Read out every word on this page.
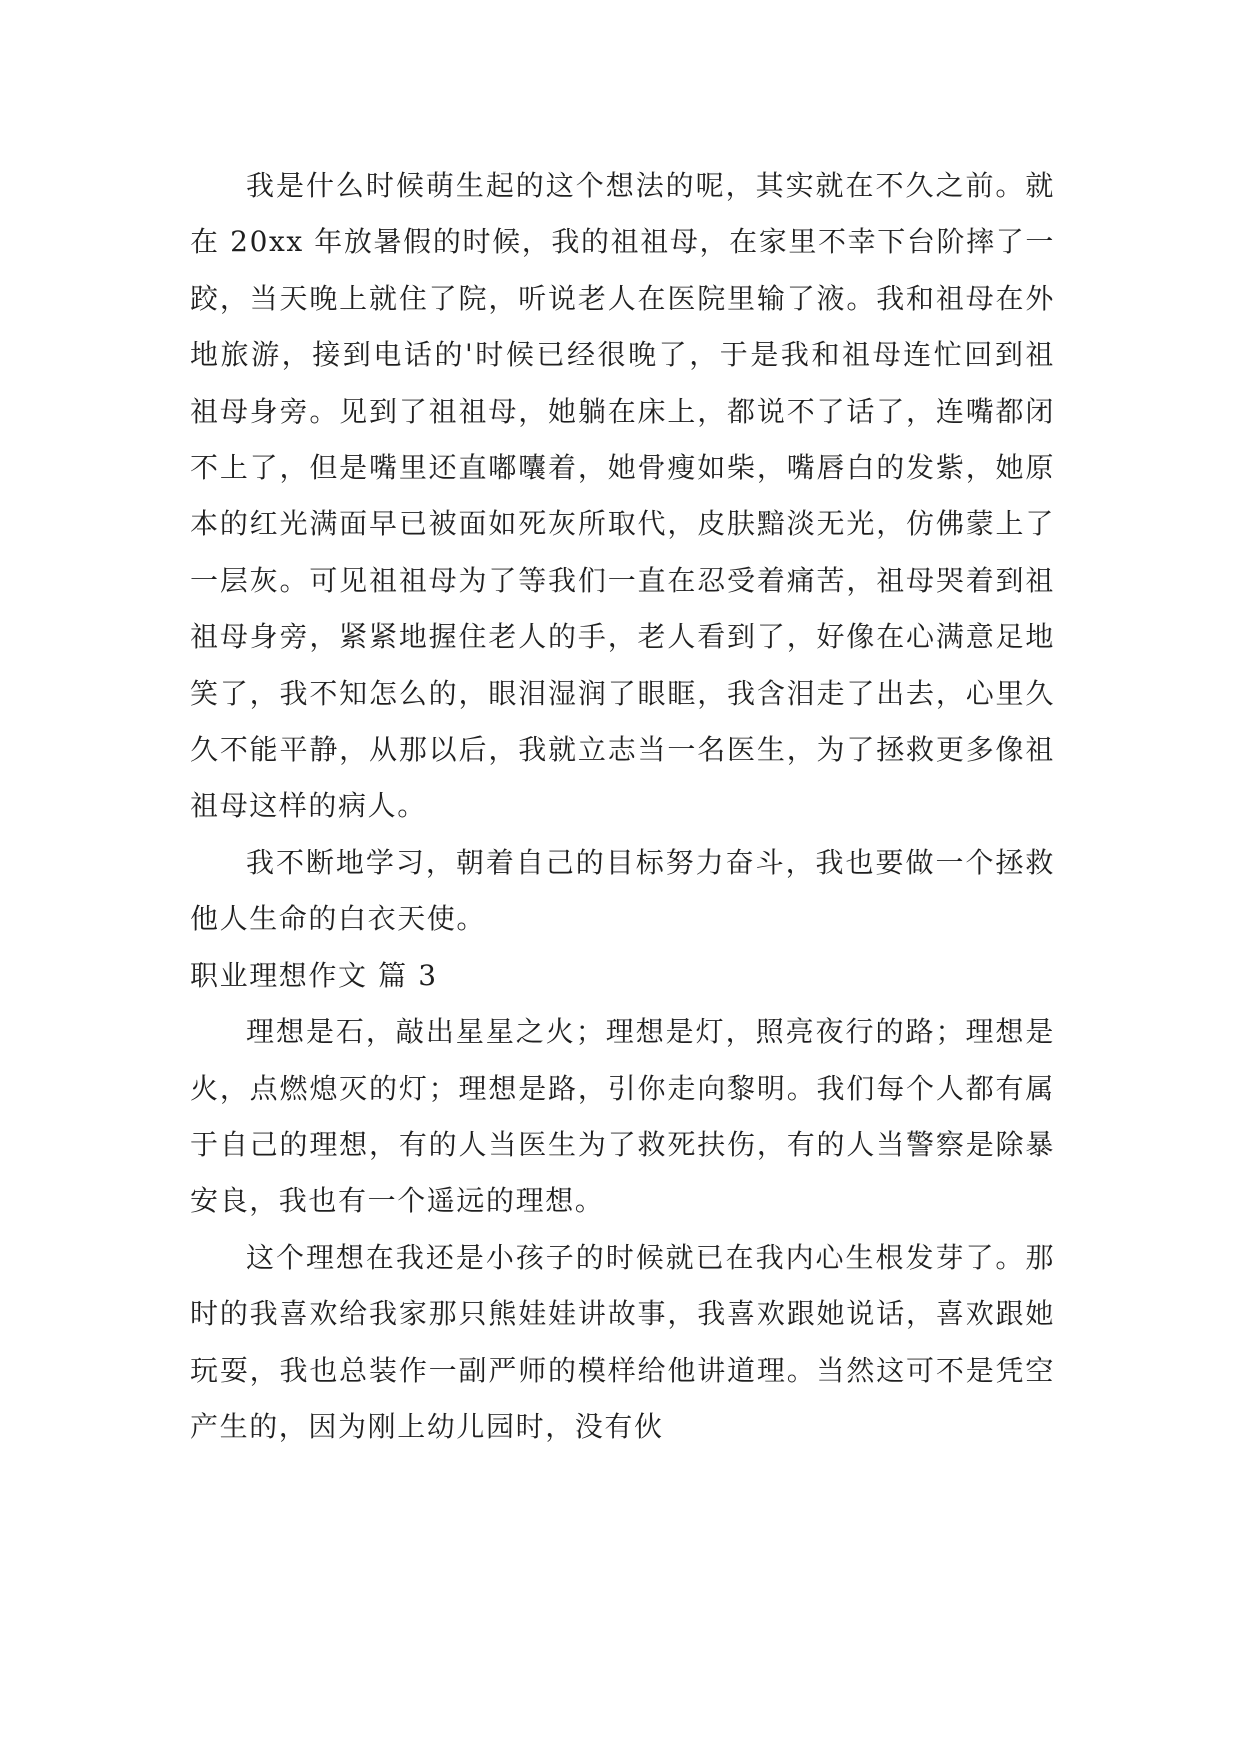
我是什么时候萌生起的这个想法的呢，其实就在不久之前。就在 20xx 年放暑假的时候，我的祖祖母，在家里不幸下台阶摔了一跤，当天晚上就住了院，听说老人在医院里输了液。我和祖母在外地旅游，接到电话的'时候已经很晚了，于是我和祖母连忙回到祖祖母身旁。见到了祖祖母，她躺在床上，都说不了话了，连嘴都闭不上了，但是嘴里还直嘟囔着，她骨瘦如柴，嘴唇白的发紫，她原本的红光满面早已被面如死灰所取代，皮肤黯淡无光，仿佛蒙上了一层灰。可见祖祖母为了等我们一直在忍受着痛苦，祖母哭着到祖祖母身旁，紧紧地握住老人的手，老人看到了，好像在心满意足地笑了，我不知怎么的，眼泪湿润了眼眶，我含泪走了出去，心里久久不能平静，从那以后，我就立志当一名医生，为了拯救更多像祖祖母这样的病人。

我不断地学习，朝着自己的目标努力奋斗，我也要做一个拯救他人生命的白衣天使。

职业理想作文 篇 3

理想是石，敲出星星之火；理想是灯，照亮夜行的路；理想是火，点燃熄灭的灯；理想是路，引你走向黎明。我们每个人都有属于自己的理想，有的人当医生为了救死扶伤，有的人当警察是除暴安良，我也有一个遥远的理想。

这个理想在我还是小孩子的时候就已在我内心生根发芽了。那时的我喜欢给我家那只熊娃娃讲故事，我喜欢跟她说话，喜欢跟她玩耍，我也总装作一副严师的模样给他讲道理。当然这可不是凭空产生的，因为刚上幼儿园时，没有伙
